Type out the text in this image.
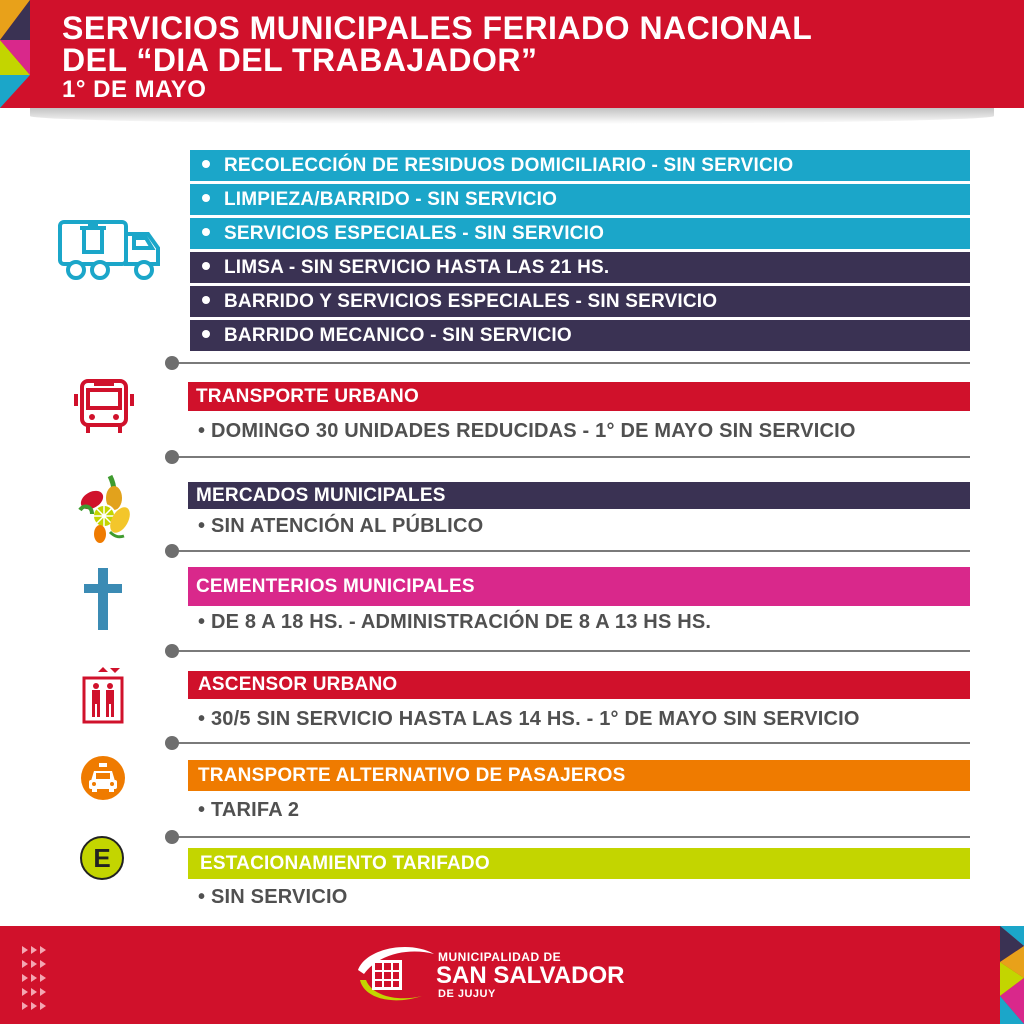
SERVICIOS MUNICIPALES FERIADO NACIONAL
DEL “DIA DEL TRABAJADOR”
1° DE MAYO
RECOLECCIÓN DE RESIDUOS DOMICILIARIO - SIN SERVICIO
LIMPIEZA/BARRIDO - SIN SERVICIO
SERVICIOS ESPECIALES - SIN SERVICIO
LIMSA - SIN SERVICIO HASTA LAS 21 HS.
BARRIDO Y SERVICIOS ESPECIALES - SIN SERVICIO
BARRIDO MECANICO - SIN SERVICIO
TRANSPORTE URBANO
• DOMINGO 30 UNIDADES REDUCIDAS - 1° DE MAYO SIN SERVICIO
MERCADOS MUNICIPALES
• SIN ATENCIÓN AL PÚBLICO
CEMENTERIOS MUNICIPALES
• DE 8 A 18 HS. - ADMINISTRACIÓN DE 8 A 13 HS HS.
ASCENSOR URBANO
• 30/5 SIN SERVICIO HASTA LAS 14 HS. - 1° DE MAYO SIN SERVICIO
TRANSPORTE ALTERNATIVO DE PASAJEROS
• TARIFA 2
E	ESTACIONAMIENTO TARIFADO
• SIN SERVICIO
MUNICIPALIDAD DE
SAN SALVADOR
DE JUJUY
